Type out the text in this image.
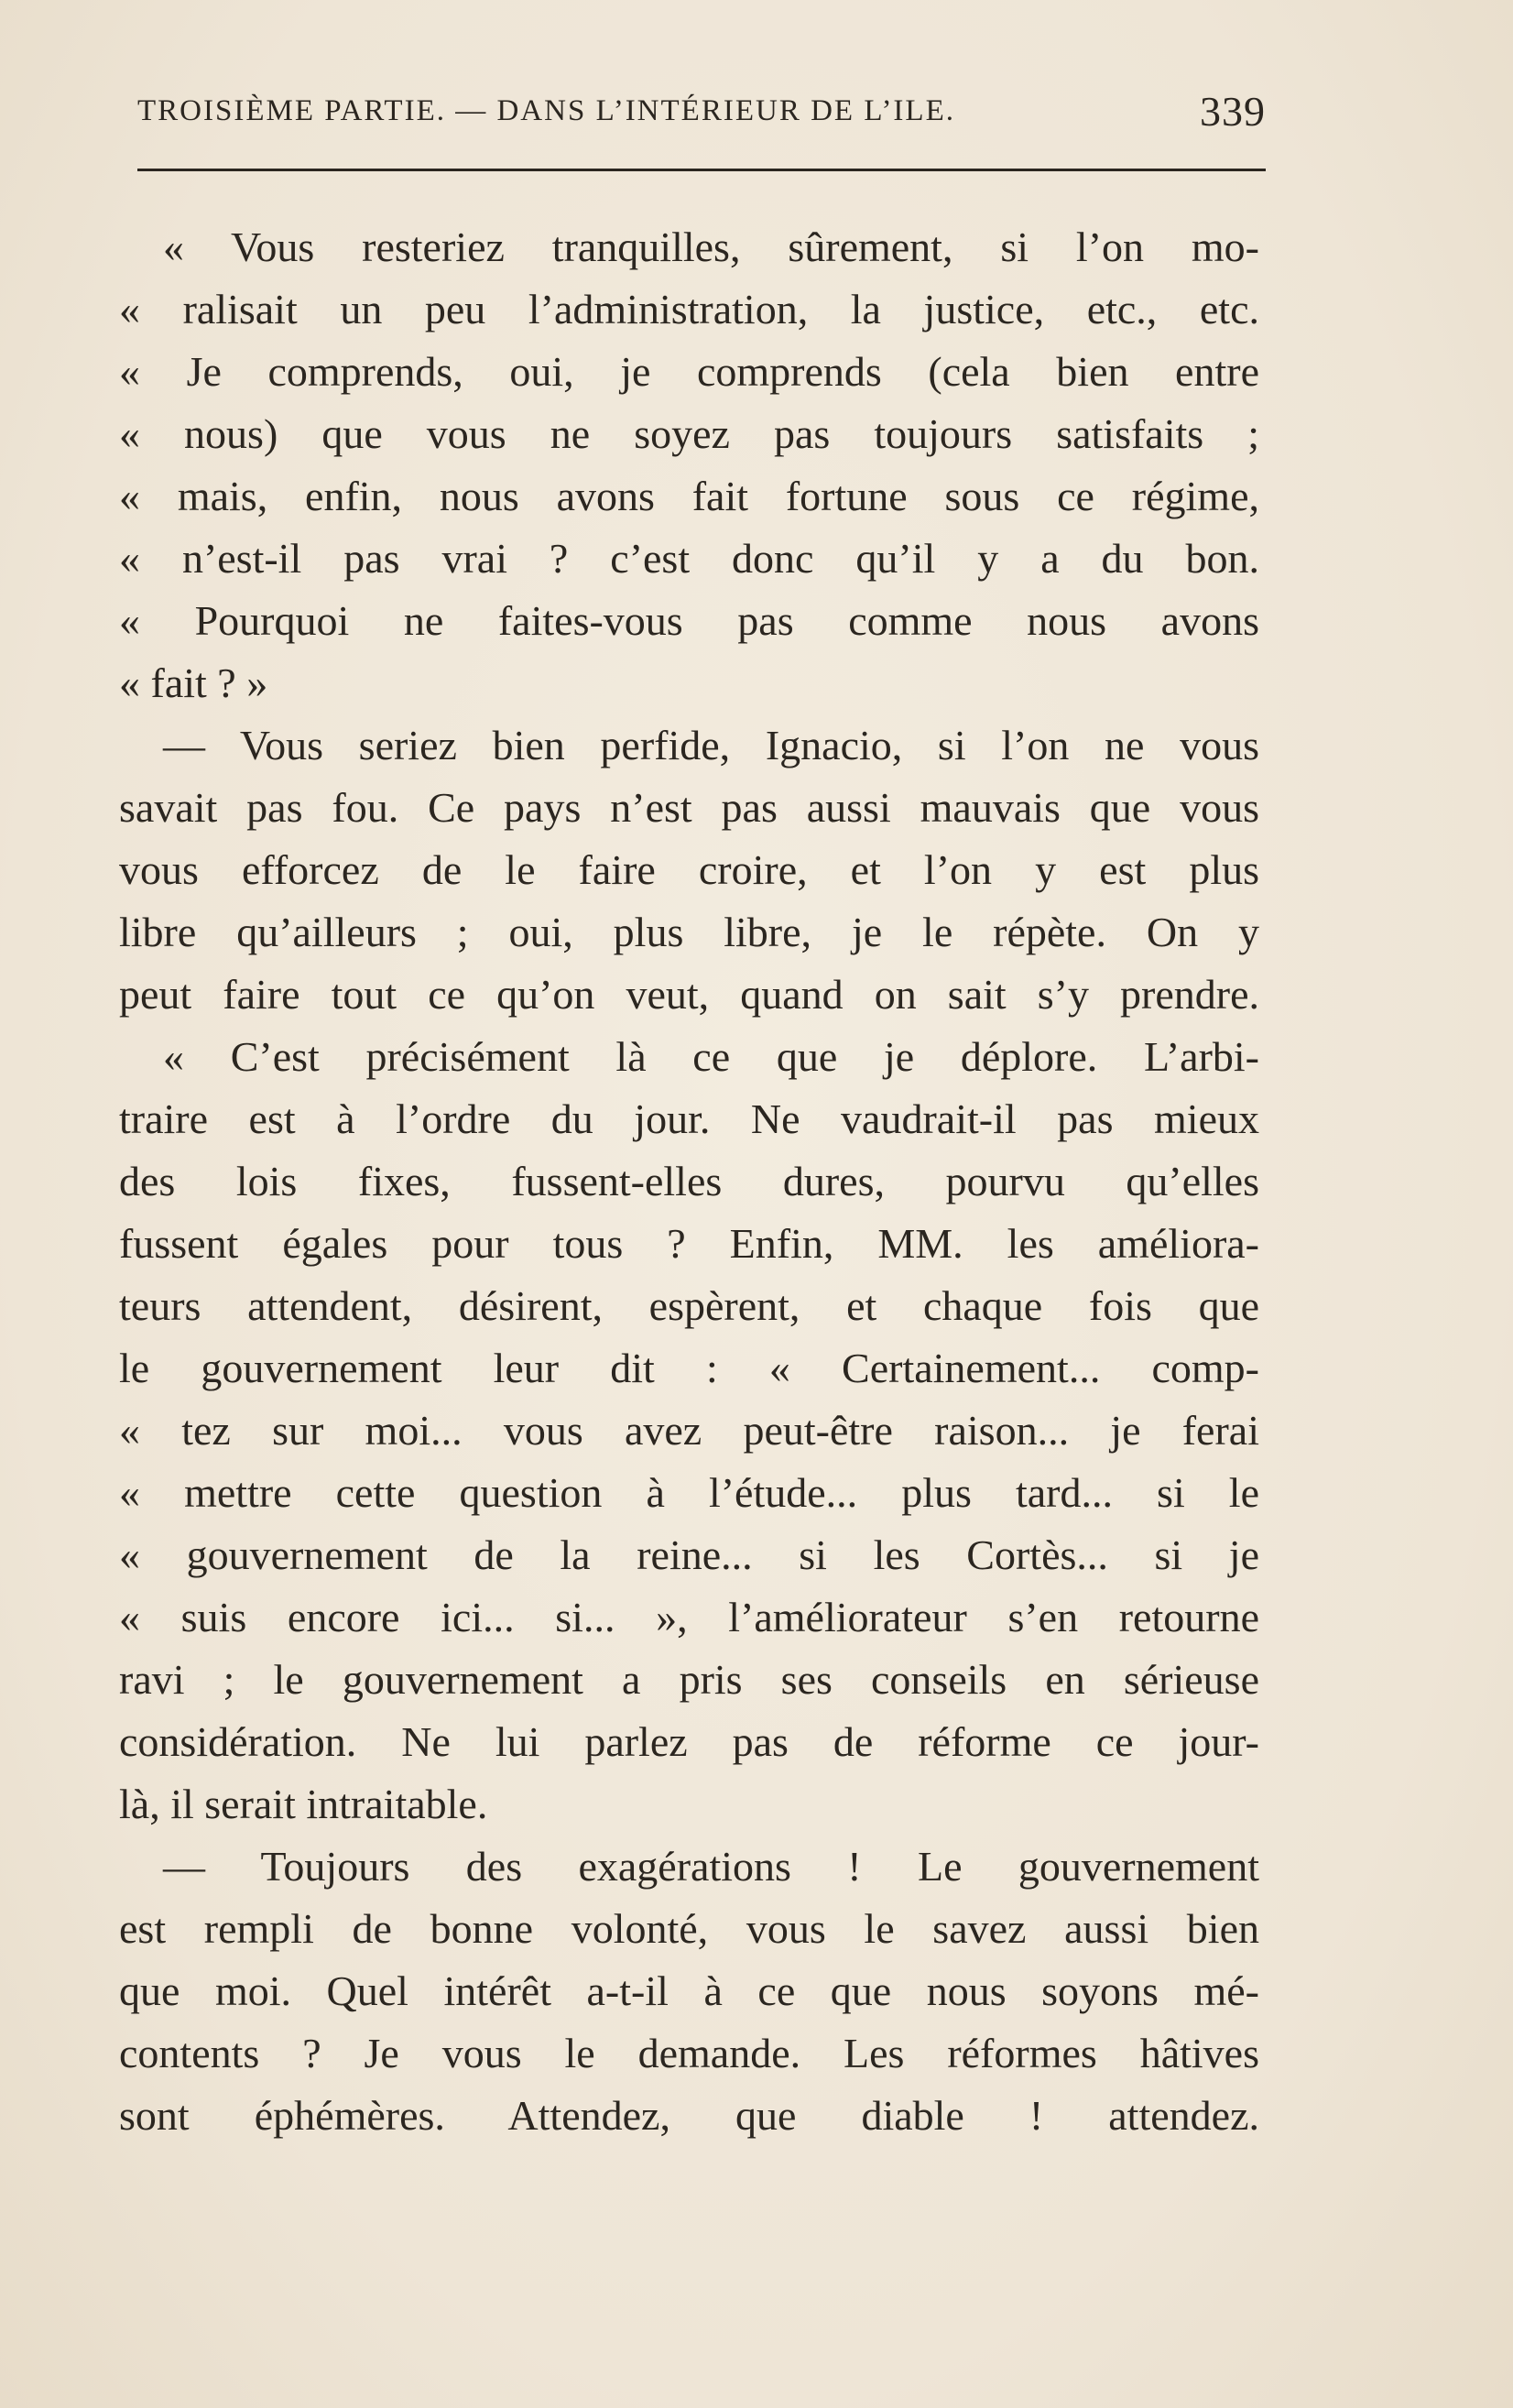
TROISIÈME PARTIE. — DANS L’INTÉRIEUR DE L’ILE.	339
« Vous resteriez tranquilles, sûrement, si l’on mo-
« ralisait un peu l’administration, la justice, etc., etc.
« Je comprends, oui, je comprends (cela bien entre
« nous) que vous ne soyez pas toujours satisfaits ;
« mais, enfin, nous avons fait fortune sous ce régime,
« n’est-il pas vrai ? c’est donc qu’il y a du bon.
« Pourquoi ne faites-vous pas comme nous avons
« fait ? »
— Vous seriez bien perfide, Ignacio, si l’on ne vous
savait pas fou. Ce pays n’est pas aussi mauvais que vous
vous efforcez de le faire croire, et l’on y est plus
libre qu’ailleurs ; oui, plus libre, je le répète. On y
peut faire tout ce qu’on veut, quand on sait s’y prendre.
« C’est précisément là ce que je déplore. L’arbi-
traire est à l’ordre du jour. Ne vaudrait-il pas mieux
des lois fixes, fussent-elles dures, pourvu qu’elles
fussent égales pour tous ? Enfin, MM. les améliora-
teurs attendent, désirent, espèrent, et chaque fois que
le gouvernement leur dit : « Certainement... comp-
« tez sur moi... vous avez peut-être raison... je ferai
« mettre cette question à l’étude... plus tard... si le
« gouvernement de la reine... si les Cortès... si je
« suis encore ici... si... », l’améliorateur s’en retourne
ravi ; le gouvernement a pris ses conseils en sérieuse
considération. Ne lui parlez pas de réforme ce jour-
là, il serait intraitable.
— Toujours des exagérations ! Le gouvernement
est rempli de bonne volonté, vous le savez aussi bien
que moi. Quel intérêt a-t-il à ce que nous soyons mé-
contents ? Je vous le demande. Les réformes hâtives
sont éphémères. Attendez, que diable ! attendez.
